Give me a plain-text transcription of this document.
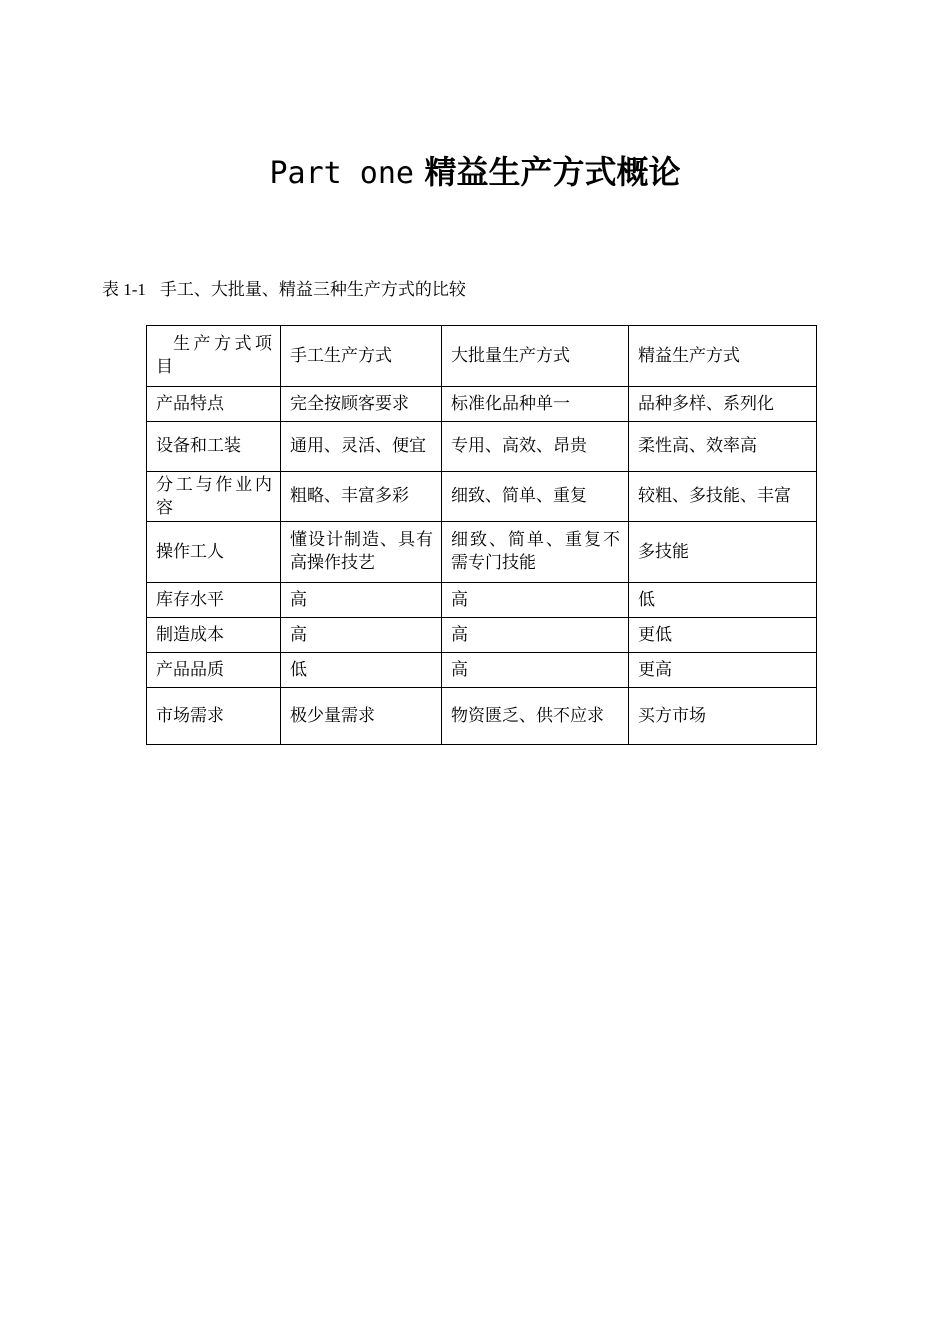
Part one 精益生产方式概论
表 1-1 手工、大批量、精益三种生产方式的比较
生产方式项目	手工生产方式	大批量生产方式	精益生产方式
产品特点	完全按顾客要求	标准化品种单一	品种多样、系列化
设备和工装	通用、灵活、便宜	专用、高效、昂贵	柔性高、效率高
分工与作业内容	粗略、丰富多彩	细致、简单、重复	较粗、多技能、丰富
操作工人	懂设计制造、具有高操作技艺	细致、简单、重复不需专门技能	多技能
库存水平	高	高	低
制造成本	高	高	更低
产品品质	低	高	更高
市场需求	极少量需求	物资匮乏、供不应求	买方市场
